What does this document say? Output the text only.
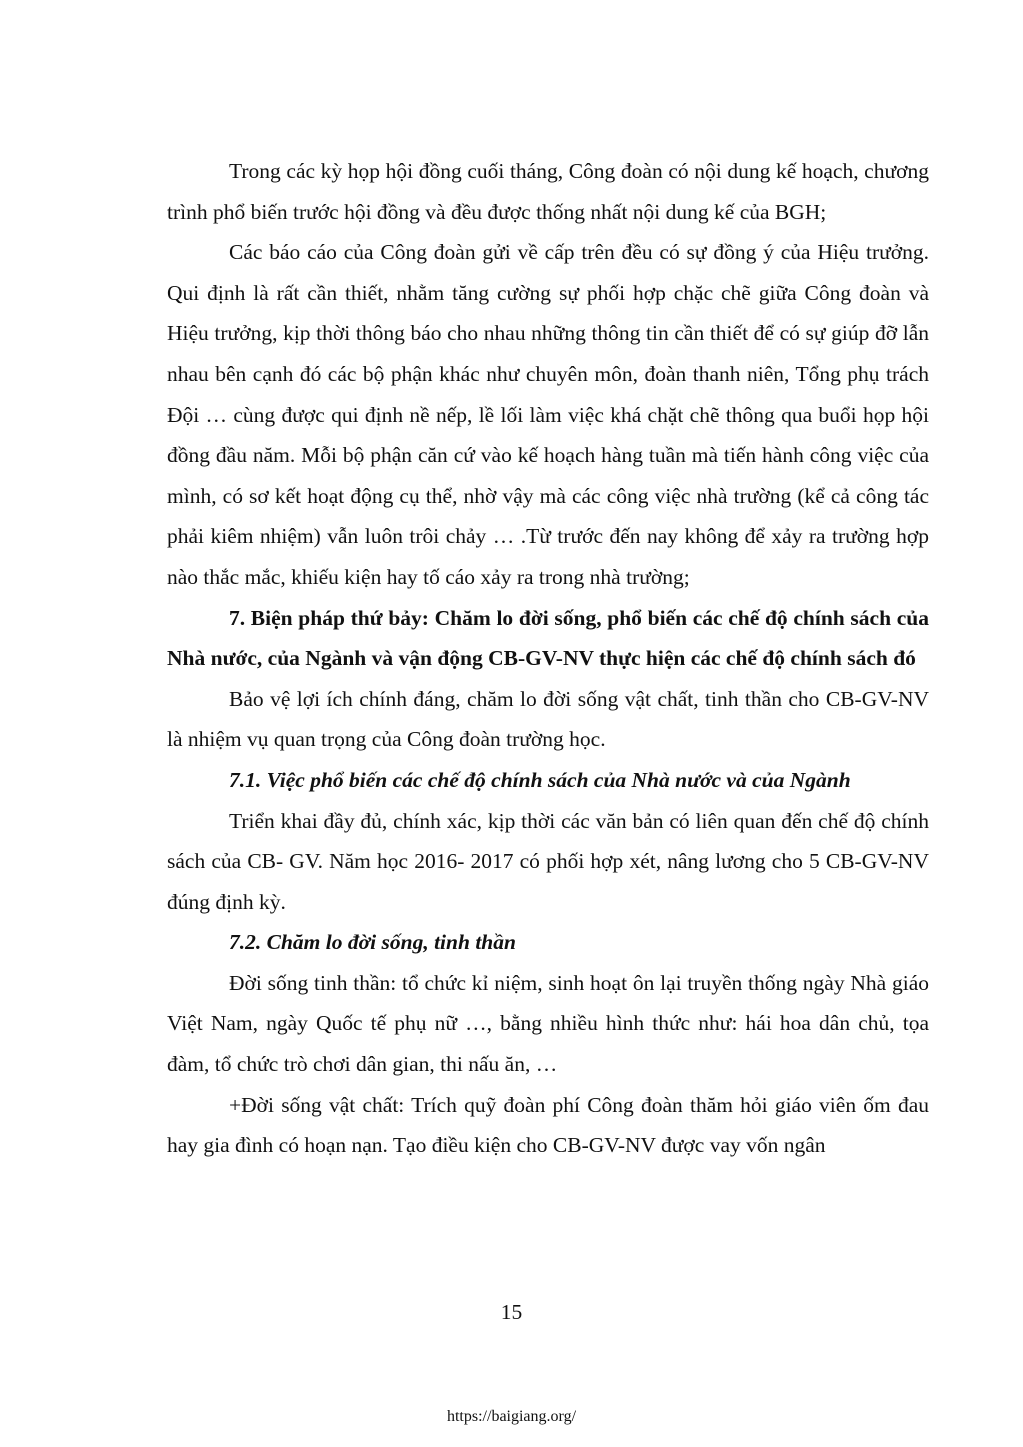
Trong các kỳ họp hội đồng cuối tháng, Công đoàn có nội dung kế hoạch, chương trình phổ biến trước hội đồng và đều được thống nhất nội dung kế của BGH;

Các báo cáo của Công đoàn gửi về cấp trên đều có sự đồng ý của Hiệu trưởng. Qui định là rất cần thiết, nhằm tăng cường sự phối hợp chặc chẽ giữa Công đoàn và Hiệu trưởng, kịp thời thông báo cho nhau những thông tin cần thiết để có sự giúp đỡ lẫn nhau bên cạnh đó các bộ phận khác như chuyên môn, đoàn thanh niên, Tổng phụ trách Đội … cùng được qui định nề nếp, lề lối làm việc khá chặt chẽ thông qua buổi họp hội đồng đầu năm. Mỗi bộ phận căn cứ vào kế hoạch hàng tuần mà tiến hành công việc của mình, có sơ kết hoạt động cụ thể, nhờ vậy mà các công việc nhà trường (kể cả công tác phải kiêm nhiệm) vẫn luôn trôi chảy … .Từ trước đến nay không để xảy ra trường hợp nào thắc mắc, khiếu kiện hay tố cáo xảy ra trong nhà trường;

7. Biện pháp thứ bảy: Chăm lo đời sống, phổ biến các chế độ chính sách của Nhà nước, của Ngành và vận động CB-GV-NV thực hiện các chế độ chính sách đó

Bảo vệ lợi ích chính đáng, chăm lo đời sống vật chất, tinh thần cho CB-GV-NV là nhiệm vụ quan trọng của Công đoàn trường học.

7.1. Việc phổ biến các chế độ chính sách của Nhà nước và của Ngành

Triển khai đầy đủ, chính xác, kịp thời các văn bản có liên quan đến chế độ chính sách của CB- GV. Năm học 2016- 2017 có phối hợp xét, nâng lương cho 5 CB-GV-NV đúng định kỳ.

7.2. Chăm lo đời sống, tinh thần

Đời sống tinh thần: tổ chức kỉ niệm, sinh hoạt ôn lại truyền thống ngày Nhà giáo Việt Nam, ngày Quốc tế phụ nữ …, bằng nhiều hình thức như: hái hoa dân chủ, tọa đàm, tổ chức trò chơi dân gian, thi nấu ăn, …

+Đời sống vật chất: Trích quỹ đoàn phí Công đoàn thăm hỏi giáo viên ốm đau hay gia đình có hoạn nạn. Tạo điều kiện cho CB-GV-NV được vay vốn ngân

15
https://baigiang.org/
